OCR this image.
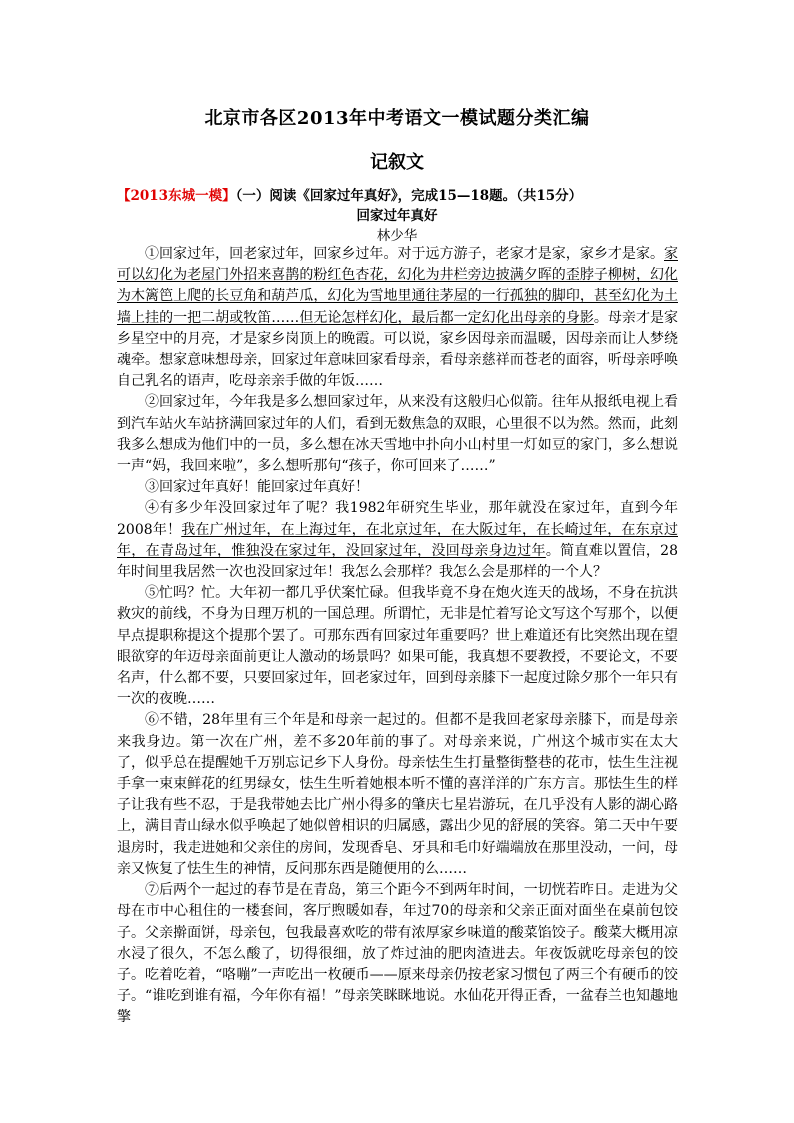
北京市各区2013年中考语文一模试题分类汇编
记叙文
【2013东城一模】（一）阅读《回家过年真好》，完成15—18题。（共15分）
回家过年真好
林少华

①回家过年，回老家过年，回家乡过年。对于远方游子，老家才是家，家乡才是家。家可以幻化为老屋门外招来喜鹊的粉红色杏花，幻化为井栏旁边披满夕晖的歪脖子柳树，幻化为木篱笆上爬的长豆角和葫芦瓜，幻化为雪地里通往茅屋的一行孤独的脚印，甚至幻化为土墙上挂的一把二胡或牧笛……但无论怎样幻化，最后都一定幻化出母亲的身影。母亲才是家乡星空中的月亮，才是家乡岗顶上的晚霞。可以说，家乡因母亲而温暖，因母亲而让人梦绕魂牵。想家意味想母亲，回家过年意味回家看母亲，看母亲慈祥而苍老的面容，听母亲呼唤自己乳名的语声，吃母亲亲手做的年饭……

②回家过年，今年我是多么想回家过年，从来没有这般归心似箭。往年从报纸电视上看到汽车站火车站挤满回家过年的人们，看到无数焦急的双眼，心里很不以为然。然而，此刻我多么想成为他们中的一员，多么想在冰天雪地中扑向小山村里一灯如豆的家门，多么想说一声“妈，我回来啦”，多么想听那句“孩子，你可回来了……”

③回家过年真好！能回家过年真好！

④有多少年没回家过年了呢？我1982年研究生毕业，那年就没在家过年，直到今年2008年！我在广州过年，在上海过年，在北京过年，在大阪过年，在长崎过年，在东京过年，在青岛过年，惟独没在家过年，没回家过年，没回母亲身边过年。简直难以置信，28年时间里我居然一次也没回家过年！我怎么会那样？我怎么会是那样的一个人？

⑤忙吗？忙。大年初一都几乎伏案忙碌。但我毕竟不身在炮火连天的战场，不身在抗洪救灾的前线，不身为日理万机的一国总理。所谓忙，无非是忙着写论文写这个写那个，以便早点提职称提这个提那个罢了。可那东西有回家过年重要吗？世上难道还有比突然出现在望眼欲穿的年迈母亲面前更让人激动的场景吗？如果可能，我真想不要教授，不要论文，不要名声，什么都不要，只要回家过年，回老家过年，回到母亲膝下一起度过除夕那个一年只有一次的夜晚……

⑥不错，28年里有三个年是和母亲一起过的。但都不是我回老家母亲膝下，而是母亲来我身边。第一次在广州，差不多20年前的事了。对母亲来说，广州这个城市实在太大了，似乎总在提醒她千万别忘记乡下人身份。母亲怯生生打量整街整巷的花市，怯生生注视手拿一束束鲜花的红男绿女，怯生生听着她根本听不懂的喜洋洋的广东方言。那怯生生的样子让我有些不忍，于是我带她去比广州小得多的肇庆七星岩游玩，在几乎没有人影的湖心路上，满目青山绿水似乎唤起了她似曾相识的归属感，露出少见的舒展的笑容。第二天中午要退房时，我走进她和父亲住的房间，发现香皂、牙具和毛巾好端端放在那里没动，一问，母亲又恢复了怯生生的神情，反问那东西是随便用的么……

⑦后两个一起过的春节是在青岛，第三个距今不到两年时间，一切恍若昨日。走进为父母在市中心租住的一楼套间，客厅煦暖如春，年过70的母亲和父亲正面对面坐在桌前包饺子。父亲擀面饼，母亲包，包我最喜欢吃的带有浓厚家乡味道的酸菜馅饺子。酸菜大概用凉水浸了很久，不怎么酸了，切得很细，放了炸过油的肥肉渣进去。年夜饭就吃母亲包的饺子。吃着吃着，“咯嘣”一声吃出一枚硬币——原来母亲仍按老家习惯包了两三个有硬币的饺子。“谁吃到谁有福，今年你有福！”母亲笑眯眯地说。水仙花开得正香，一盆春兰也知趣地擎
